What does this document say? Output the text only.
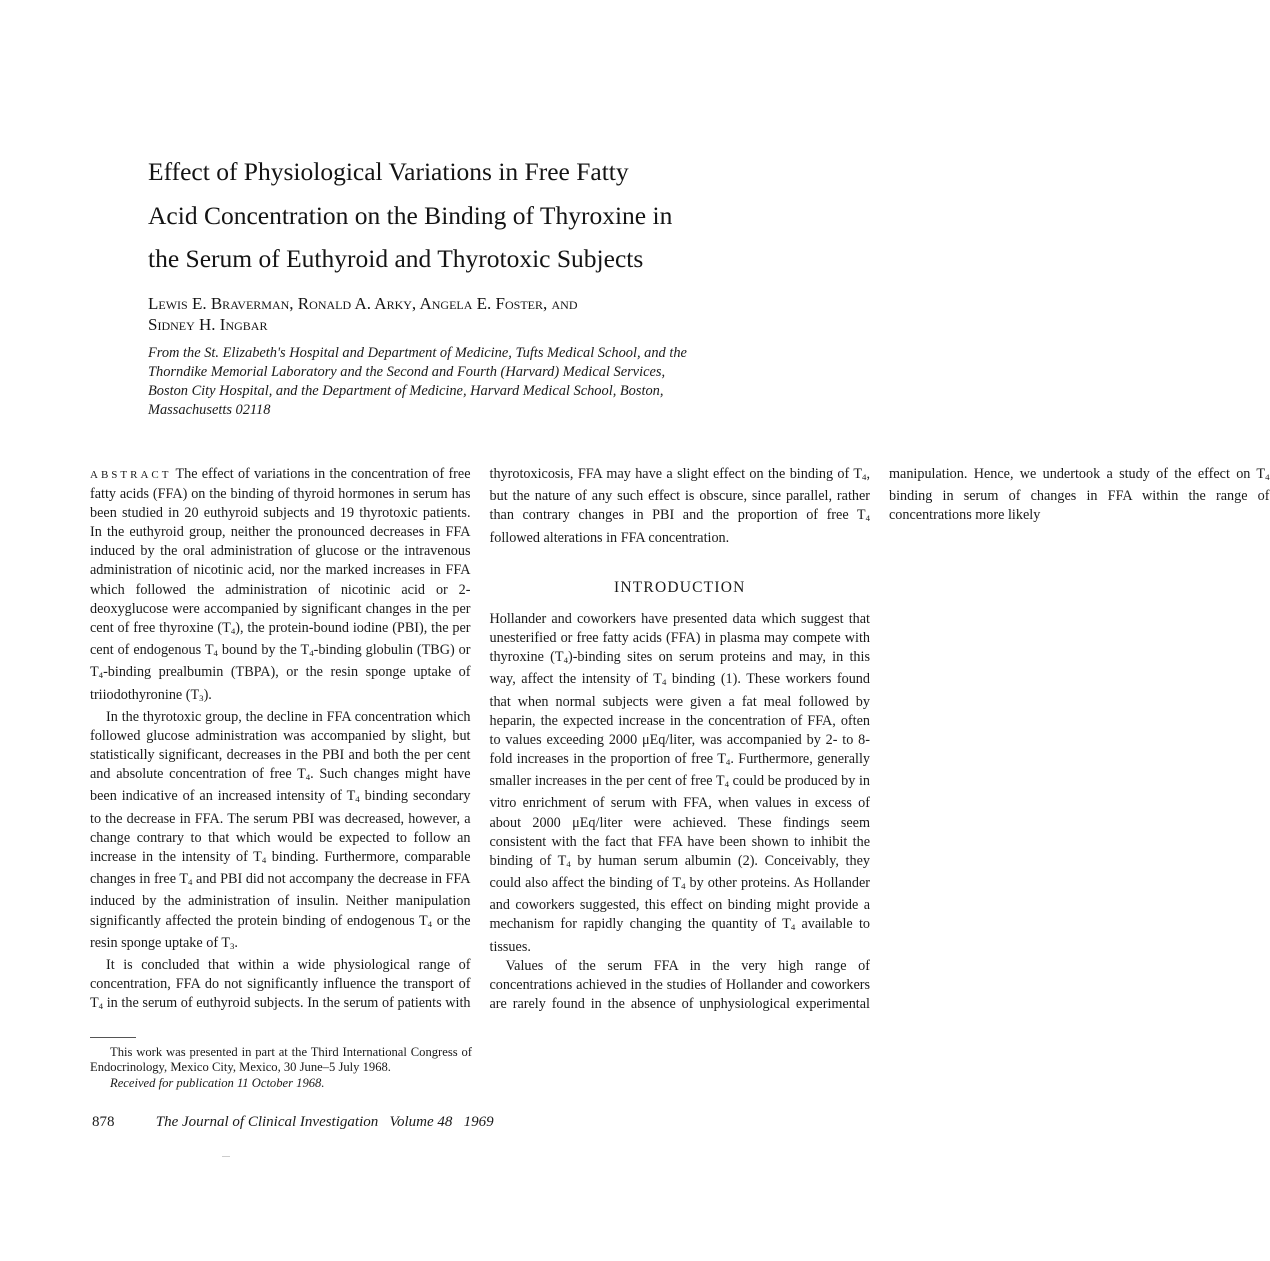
Effect of Physiological Variations in Free Fatty
Acid Concentration on the Binding of Thyroxine in
the Serum of Euthyroid and Thyrotoxic Subjects
Lewis E. Braverman, Ronald A. Arky, Angela E. Foster, and
Sidney H. Ingbar
From the St. Elizabeth's Hospital and Department of Medicine, Tufts Medical School, and the Thorndike Memorial Laboratory and the Second and Fourth (Harvard) Medical Services, Boston City Hospital, and the Department of Medicine, Harvard Medical School, Boston, Massachusetts 02118

This work was presented in part at the Third International Congress of Endocrinology, Mexico City, Mexico, 30 June–5 July 1968.

Received for publication 11 October 1968.

878	The Journal of Clinical Investigation Volume 48 1969

ABSTRACT The effect of variations in the concentration of free fatty acids (FFA) on the binding of thyroid hormones in serum has been studied in 20 euthyroid subjects and 19 thyrotoxic patients. In the euthyroid group, neither the pronounced decreases in FFA induced by the oral administration of glucose or the intravenous administration of nicotinic acid, nor the marked increases in FFA which followed the administration of nicotinic acid or 2-deoxyglucose were accompanied by significant changes in the per cent of free thyroxine $(T_4)$, the protein-bound iodine (PBI), the per cent of endogenous $T_4$ bound by the $T_4$-binding globulin (TBG) or $T_4$-binding prealbumin (TBPA), or the resin sponge uptake of triiodothyronine $(T_3)$.

In the thyrotoxic group, the decline in FFA concentration which followed glucose administration was accompanied by slight, but statistically significant, decreases in the PBI and both the per cent and absolute concentration of free $T_4$. Such changes might have been indicative of an increased intensity of $T_4$ binding secondary to the decrease in FFA. The serum PBI was decreased, however, a change contrary to that which would be expected to follow an increase in the intensity of $T_4$ binding. Furthermore, comparable changes in free $T_4$ and PBI did not accompany the decrease in FFA induced by the administration of insulin. Neither manipulation significantly affected the protein binding of endogenous $T_4$ or the resin sponge uptake of $T_3$.

It is concluded that within a wide physiological range of concentration, FFA do not significantly influence the transport of $T_4$ in the serum of euthyroid subjects. In the serum of patients with thyrotoxicosis, FFA may have a slight effect on the binding of $T_4$, but the nature of any such effect is obscure, since parallel, rather than contrary changes in PBI and the proportion of free $T_4$ followed alterations in FFA concentration.

INTRODUCTION

Hollander and coworkers have presented data which suggest that unesterified or free fatty acids (FFA) in plasma may compete with thyroxine $(T_4)$-binding sites on serum proteins and may, in this way, affect the intensity of $T_4$ binding (1). These workers found that when normal subjects were given a fat meal followed by heparin, the expected increase in the concentration of FFA, often to values exceeding 2000 μEq/liter, was accompanied by 2- to 8-fold increases in the proportion of free $T_4$. Furthermore, generally smaller increases in the per cent of free $T_4$ could be produced by in vitro enrichment of serum with FFA, when values in excess of about 2000 μEq/liter were achieved. These findings seem consistent with the fact that FFA have been shown to inhibit the binding of $T_4$ by human serum albumin (2). Conceivably, they could also affect the binding of $T_4$ by other proteins. As Hollander and coworkers suggested, this effect on binding might provide a mechanism for rapidly changing the quantity of $T_4$ available to tissues.

Values of the serum FFA in the very high range of concentrations achieved in the studies of Hollander and coworkers are rarely found in the absence of unphysiological experimental manipulation. Hence, we undertook a study of the effect on $T_4$ binding in serum of changes in FFA within the range of concentrations more likely
